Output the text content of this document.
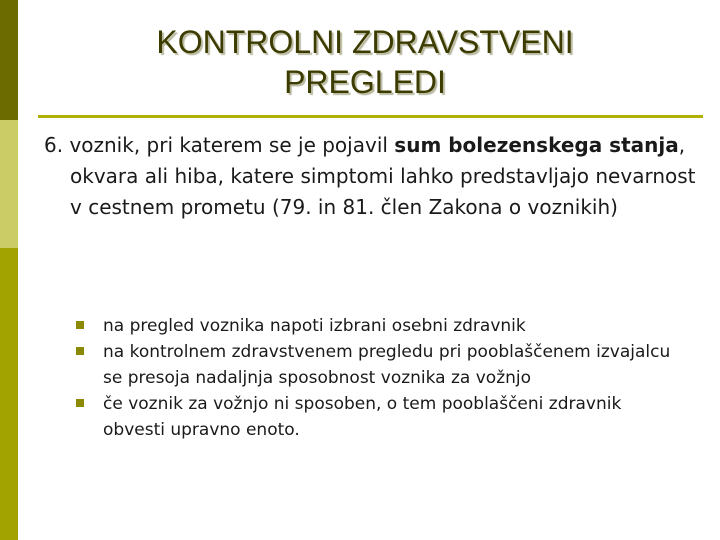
KONTROLNI ZDRAVSTVENI
PREGLEDI
6. voznik, pri katerem se je pojavil sum bolezenskega stanja, okvara ali hiba, katere simptomi lahko predstavljajo nevarnost v cestnem prometu (79. in 81. člen Zakona o voznikih)
na pregled voznika napoti izbrani osebni zdravnik
na kontrolnem zdravstvenem pregledu pri pooblaščenem izvajalcu se presoja nadaljnja sposobnost voznika za vožnjo
če voznik za vožnjo ni sposoben, o tem pooblaščeni zdravnik obvesti upravno enoto.
